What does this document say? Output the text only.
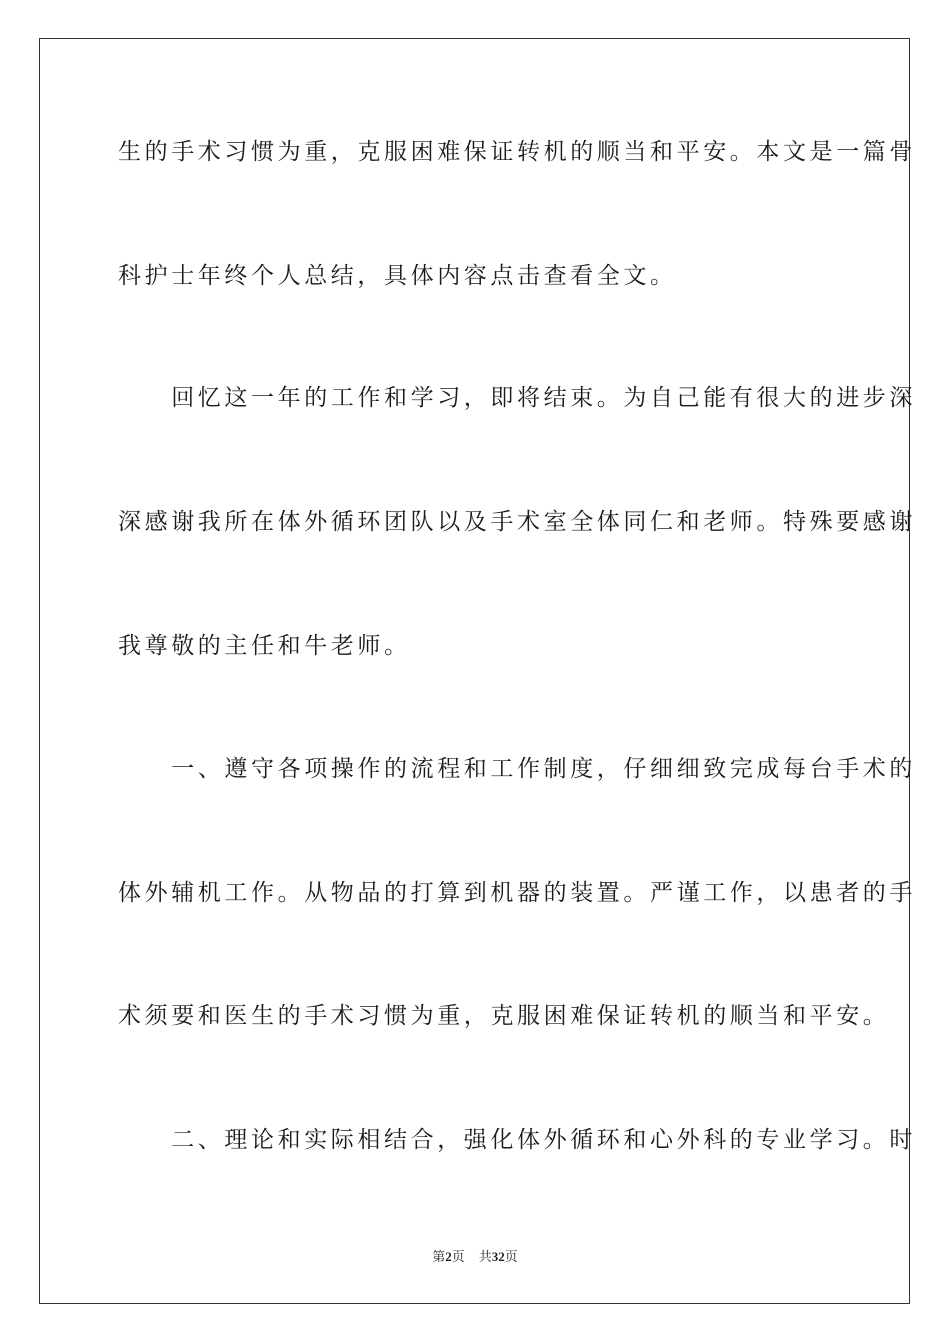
生的手术习惯为重，克服困难保证转机的顺当和平安。本文是一篇骨
科护士年终个人总结，具体内容点击查看全文。
　　回忆这一年的工作和学习，即将结束。为自己能有很大的进步深
深感谢我所在体外循环团队以及手术室全体同仁和老师。特殊要感谢
我尊敬的主任和牛老师。
　　一、遵守各项操作的流程和工作制度，仔细细致完成每台手术的
体外辅机工作。从物品的打算到机器的装置。严谨工作，以患者的手
术须要和医生的手术习惯为重，克服困难保证转机的顺当和平安。
　　二、理论和实际相结合，强化体外循环和心外科的专业学习。时
第2页 共32页
